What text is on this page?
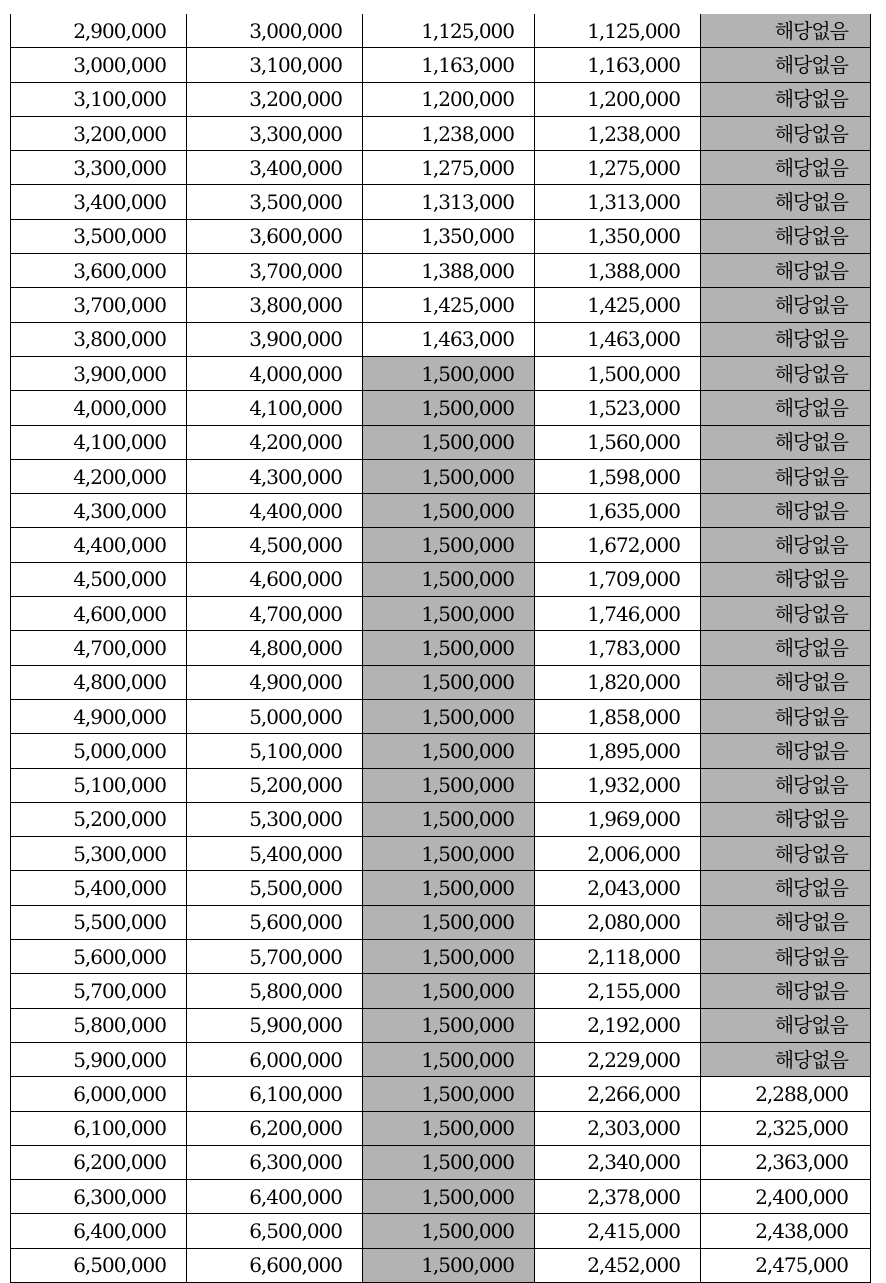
2,900,000	3,000,000	1,125,000	1,125,000	해당없음
3,000,000	3,100,000	1,163,000	1,163,000	해당없음
3,100,000	3,200,000	1,200,000	1,200,000	해당없음
3,200,000	3,300,000	1,238,000	1,238,000	해당없음
3,300,000	3,400,000	1,275,000	1,275,000	해당없음
3,400,000	3,500,000	1,313,000	1,313,000	해당없음
3,500,000	3,600,000	1,350,000	1,350,000	해당없음
3,600,000	3,700,000	1,388,000	1,388,000	해당없음
3,700,000	3,800,000	1,425,000	1,425,000	해당없음
3,800,000	3,900,000	1,463,000	1,463,000	해당없음
3,900,000	4,000,000	1,500,000	1,500,000	해당없음
4,000,000	4,100,000	1,500,000	1,523,000	해당없음
4,100,000	4,200,000	1,500,000	1,560,000	해당없음
4,200,000	4,300,000	1,500,000	1,598,000	해당없음
4,300,000	4,400,000	1,500,000	1,635,000	해당없음
4,400,000	4,500,000	1,500,000	1,672,000	해당없음
4,500,000	4,600,000	1,500,000	1,709,000	해당없음
4,600,000	4,700,000	1,500,000	1,746,000	해당없음
4,700,000	4,800,000	1,500,000	1,783,000	해당없음
4,800,000	4,900,000	1,500,000	1,820,000	해당없음
4,900,000	5,000,000	1,500,000	1,858,000	해당없음
5,000,000	5,100,000	1,500,000	1,895,000	해당없음
5,100,000	5,200,000	1,500,000	1,932,000	해당없음
5,200,000	5,300,000	1,500,000	1,969,000	해당없음
5,300,000	5,400,000	1,500,000	2,006,000	해당없음
5,400,000	5,500,000	1,500,000	2,043,000	해당없음
5,500,000	5,600,000	1,500,000	2,080,000	해당없음
5,600,000	5,700,000	1,500,000	2,118,000	해당없음
5,700,000	5,800,000	1,500,000	2,155,000	해당없음
5,800,000	5,900,000	1,500,000	2,192,000	해당없음
5,900,000	6,000,000	1,500,000	2,229,000	해당없음
6,000,000	6,100,000	1,500,000	2,266,000	2,288,000
6,100,000	6,200,000	1,500,000	2,303,000	2,325,000
6,200,000	6,300,000	1,500,000	2,340,000	2,363,000
6,300,000	6,400,000	1,500,000	2,378,000	2,400,000
6,400,000	6,500,000	1,500,000	2,415,000	2,438,000
6,500,000	6,600,000	1,500,000	2,452,000	2,475,000
